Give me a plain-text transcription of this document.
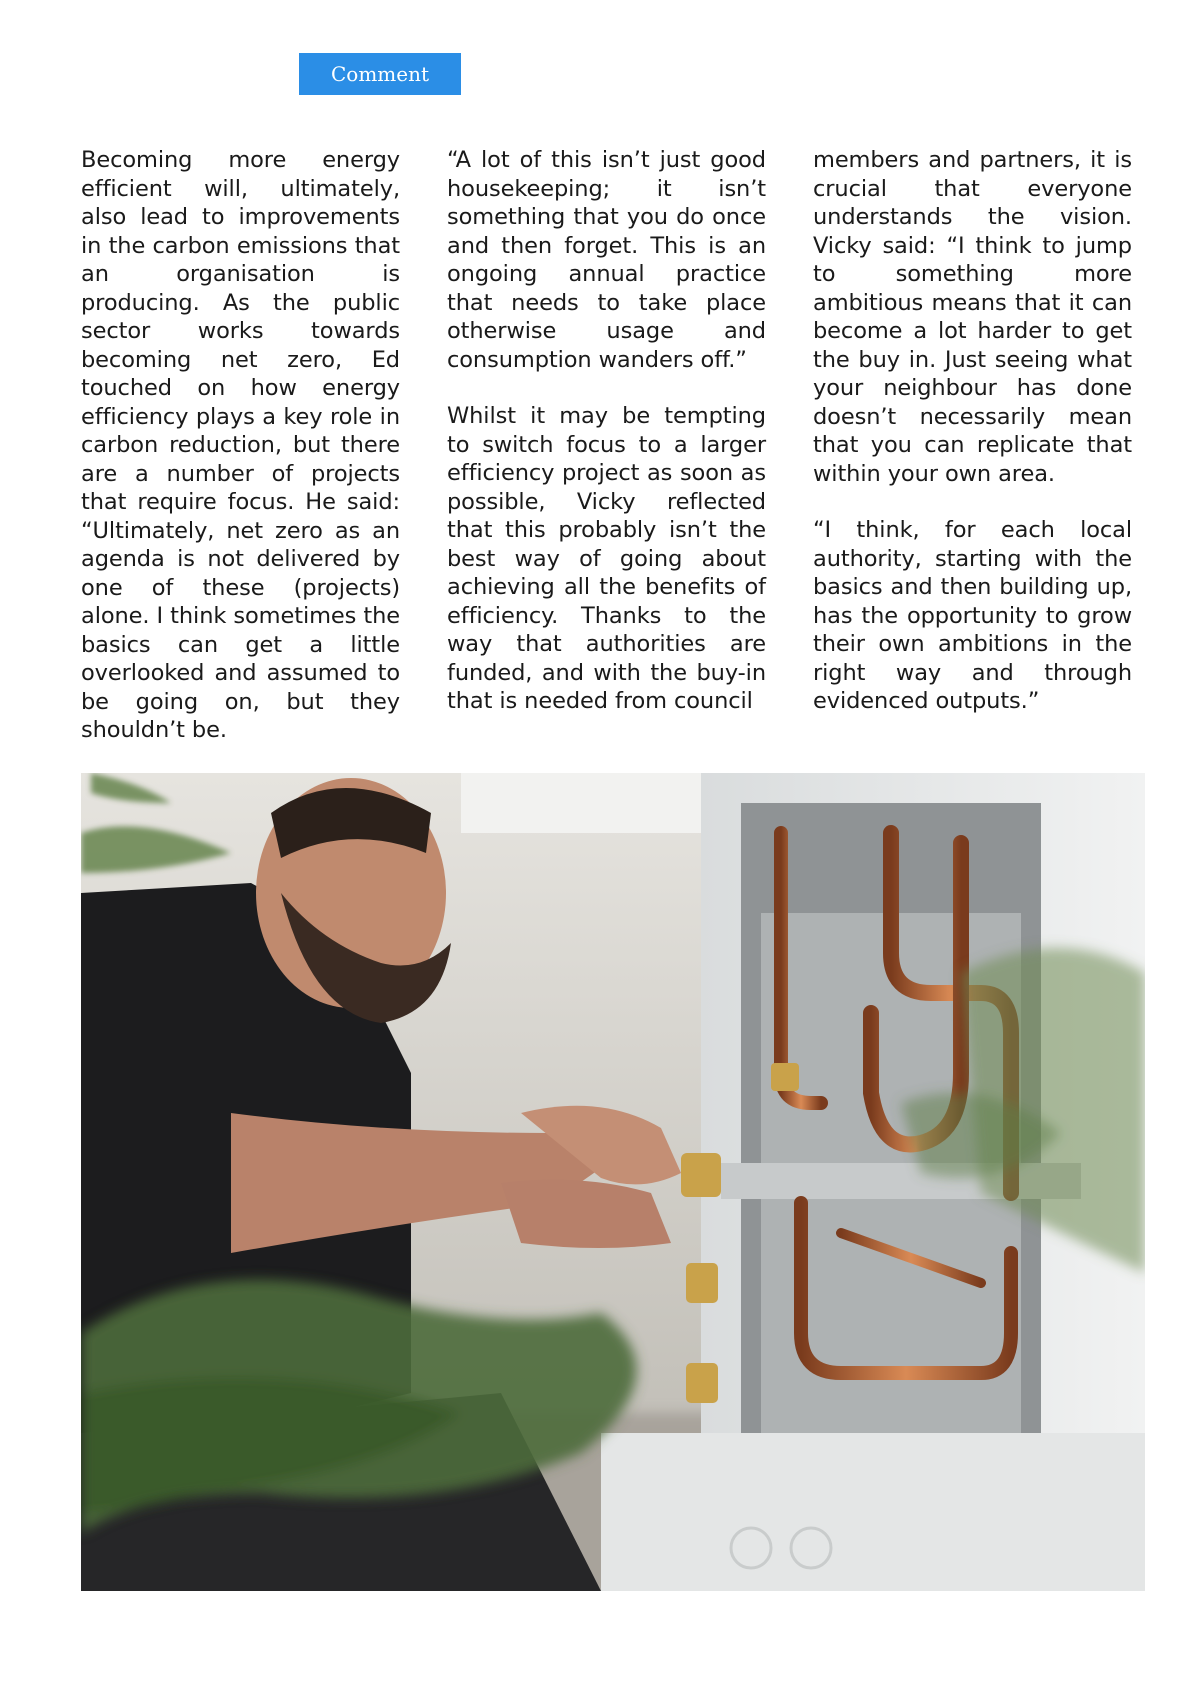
Comment

Becoming more energy efficient will, ultimately, also lead to improvements in the carbon emissions that an organisation is producing. As the public sector works towards becoming net zero, Ed touched on how energy efficiency plays a key role in carbon reduction, but there are a number of projects that require focus. He said: “Ultimately, net zero as an agenda is not delivered by one of these (projects) alone. I think sometimes the basics can get a little overlooked and assumed to be going on, but they shouldn’t be.

“A lot of this isn’t just good housekeeping; it isn’t something that you do once and then forget. This is an ongoing annual practice that needs to take place otherwise usage and consumption wanders off.”

Whilst it may be tempting to switch focus to a larger efficiency project as soon as possible, Vicky reflected that this probably isn’t the best way of going about achieving all the benefits of efficiency. Thanks to the way that authorities are funded, and with the buy-in that is needed from council

members and partners, it is crucial that everyone understands the vision. Vicky said: “I think to jump to something more ambitious means that it can become a lot harder to get the buy in. Just seeing what your neighbour has done doesn’t necessarily mean that you can replicate that within your own area.

“I think, for each local authority, starting with the basics and then building up, has the opportunity to grow their own ambitions in the right way and through evidenced outputs.”
